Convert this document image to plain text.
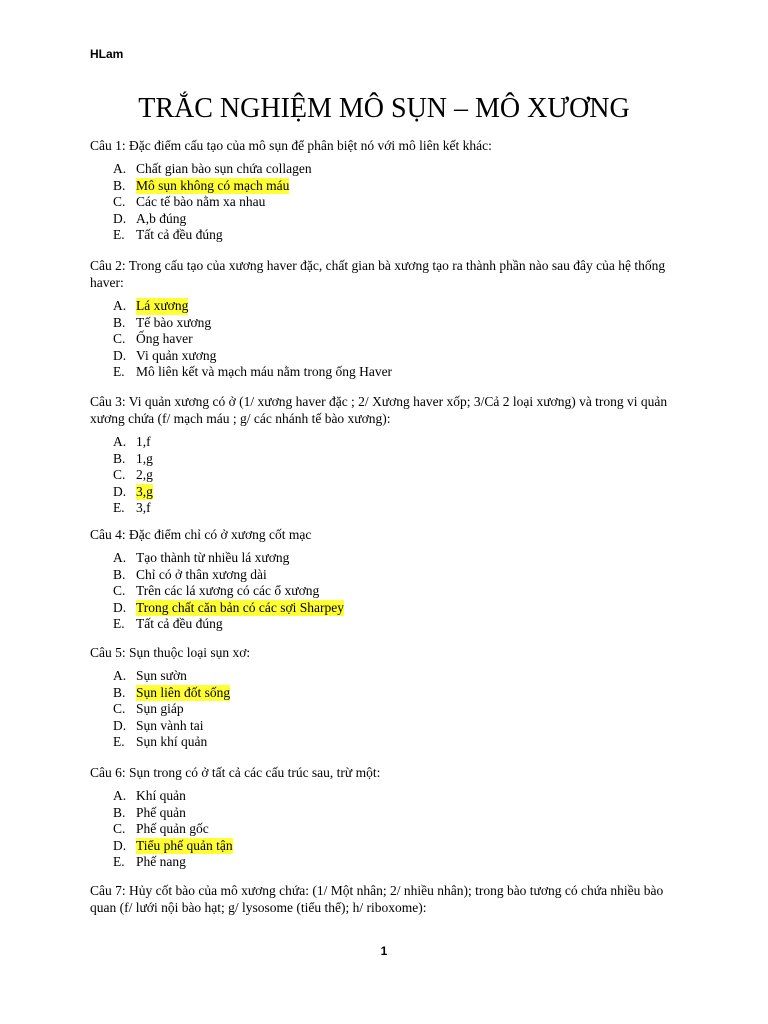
HLam
TRẮC NGHIỆM MÔ SỤN – MÔ XƯƠNG

Câu 1: Đặc điểm cấu tạo của mô sụn để phân biệt nó với mô liên kết khác:

A. Chất gian bào sụn chứa collagen
B. Mô sụn không có mạch máu
C. Các tế bào nằm xa nhau
D. A,b đúng
E. Tất cả đều đúng

Câu 2: Trong cấu tạo của xương haver đặc, chất gian bà xương tạo ra thành phần nào sau đây của hệ thống haver:

A. Lá xương
B. Tế bào xương
C. Ống haver
D. Vi quản xương
E. Mô liên kết và mạch máu nằm trong ống Haver

Câu 3: Vi quản xương có ở (1/ xương haver đặc ; 2/ Xương haver xốp; 3/Cả 2 loại xương) và trong vi quản xương chứa (f/ mạch máu ; g/ các nhánh tế bào xương):

A. 1,f
B. 1,g
C. 2,g
D. 3,g
E. 3,f

Câu 4: Đặc điểm chỉ có ở xương cốt mạc

A. Tạo thành từ nhiều lá xương
B. Chỉ có ở thân xương dài
C. Trên các lá xương có các ổ xương
D. Trong chất căn bản có các sợi Sharpey
E. Tất cả đều đúng

Câu 5: Sụn thuộc loại sụn xơ:

A. Sụn sườn
B. Sụn liên đốt sống
C. Sụn giáp
D. Sụn vành tai
E. Sụn khí quản

Câu 6: Sụn trong có ở tất cả các cấu trúc sau, trừ một:

A. Khí quản
B. Phế quản
C. Phế quản gốc
D. Tiểu phế quản tận
E. Phế nang

Câu 7: Hủy cốt bào của mô xương chứa: (1/ Một nhân; 2/ nhiều nhân); trong bào tương có chứa nhiều bào quan (f/ lưới nội bào hạt; g/ lysosome (tiểu thể); h/ riboxome):

1
